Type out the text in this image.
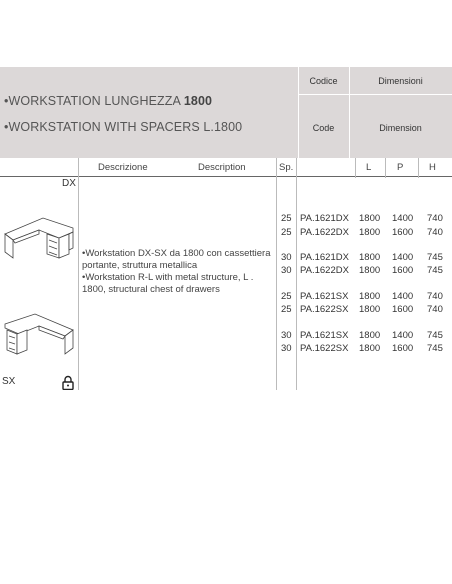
•WORKSTATION LUNGHEZZA 1800
•WORKSTATION WITH SPACERS L.1800
Codice
Code
Dimensioni
Dimension
Descrizione	Description	Sp.	L	P	H
DX
SX

•Workstation DX-SX da 1800 con cassettiera portante, struttura metallica

•Workstation R-L with metal structure, L . 1800, structural chest of drawers

25 PA.1621DX 1800 1400 740
25 PA.1622DX 1800 1600 740
30 PA.1621DX 1800 1400 745
30 PA.1622DX 1800 1600 745
25 PA.1621SX 1800 1400 740
25 PA.1622SX 1800 1600 740
30 PA.1621SX 1800 1400 745
30 PA.1622SX 1800 1600 745
